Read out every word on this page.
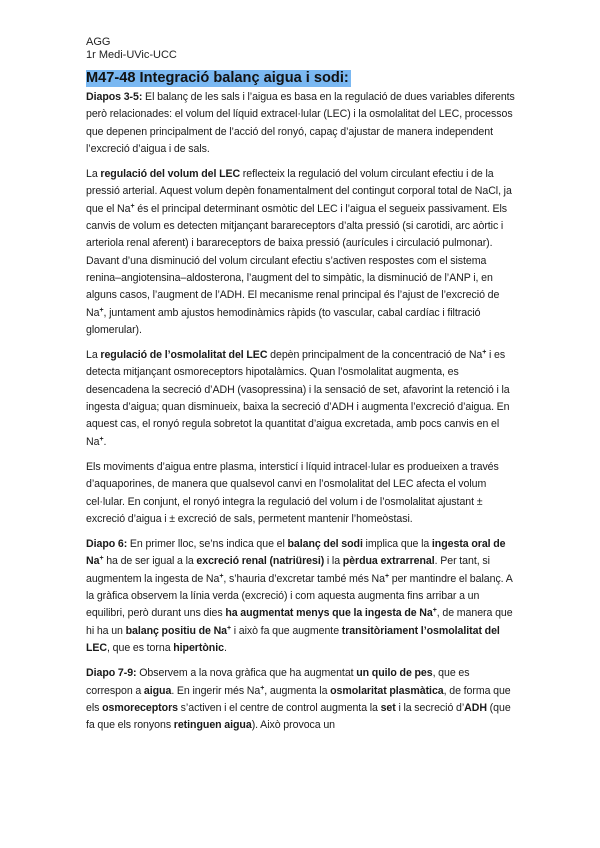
AGG
1r Medi-UVic-UCC
M47-48 Integració balanç aigua i sodi:

Diapos 3-5: El balanç de les sals i l’aigua es basa en la regulació de dues variables diferents però relacionades: el volum del líquid extracel·lular (LEC) i la osmolalitat del LEC, processos que depenen principalment de l’acció del ronyó, capaç d’ajustar de manera independent l’excreció d’aigua i de sals.

La regulació del volum del LEC reflecteix la regulació del volum circulant efectiu i de la pressió arterial. Aquest volum depèn fonamentalment del contingut corporal total de NaCl, ja que el Na+ és el principal determinant osmòtic del LEC i l’aigua el segueix passivament. Els canvis de volum es detecten mitjançant barareceptors d’alta pressió (si carotidi, arc aòrtic i arteriola renal aferent) i barareceptors de baixa pressió (aurícules i circulació pulmonar). Davant d’una disminució del volum circulant efectiu s’activen respostes com el sistema renina–angiotensina–aldosterona, l’augment del to simpàtic, la disminució de l’ANP i, en alguns casos, l’augment de l’ADH. El mecanisme renal principal és l’ajust de l’excreció de Na+, juntament amb ajustos hemodinàmics ràpids (to vascular, cabal cardíac i filtració glomerular).

La regulació de l’osmolalitat del LEC depèn principalment de la concentració de Na+ i es detecta mitjançant osmoreceptors hipotalàmics. Quan l’osmolalitat augmenta, es desencadena la secreció d’ADH (vasopressina) i la sensació de set, afavorint la retenció i la ingesta d’aigua; quan disminueix, baixa la secreció d’ADH i augmenta l’excreció d’aigua. En aquest cas, el ronyó regula sobretot la quantitat d’aigua excretada, amb pocs canvis en el Na+.

Els moviments d’aigua entre plasma, intersticí i líquid intracel·lular es produeixen a través d’aquaporines, de manera que qualsevol canvi en l’osmolalitat del LEC afecta el volum cel·lular. En conjunt, el ronyó integra la regulació del volum i de l’osmolalitat ajustant ± excreció d’aigua i ± excreció de sals, permetent mantenir l’homeòstasi.

Diapo 6: En primer lloc, se’ns indica que el balanç del sodi implica que la ingesta oral de Na+ ha de ser igual a la excreció renal (natriüresi) i la pèrdua extrarrenal. Per tant, si augmentem la ingesta de Na+, s’hauria d’excretar també més Na+ per mantindre el balanç. A la gràfica observem la línia verda (excreció) i com aquesta augmenta fins arribar a un equilibri, però durant uns dies ha augmentat menys que la ingesta de Na+, de manera que hi ha un balanç positiu de Na+ i això fa que augmente transitòriament l’osmolalitat del LEC, que es torna hipertònic.

Diapo 7-9: Observem a la nova gràfica que ha augmentat un quilo de pes, que es correspon a aigua. En ingerir més Na+, augmenta la osmolaritat plasmàtica, de forma que els osmoreceptors s’activen i el centre de control augmenta la set i la secreció d’ADH (que fa que els ronyons retinguen aigua). Això provoca un
